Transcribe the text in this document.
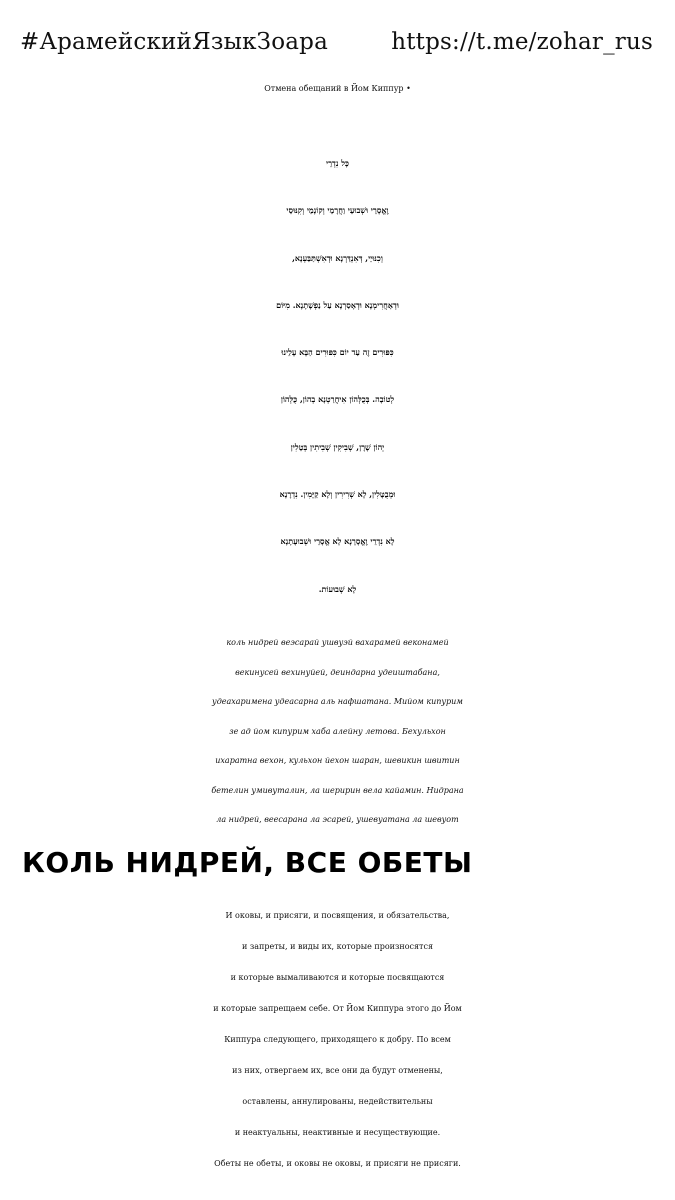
#АрамейскийЯзыкЗоара	https://t.me/zohar_rus
Отмена обещаний в Йом Киппур •
כָּל נִדְרֵי
וֶאֱסָרֵי וּשְׁבוּעֵי וַחֲרָמֵי וְקוֹנָמֵי וְקִנּוּסֵי
וְכִנּוּיֵי, דְּאִנְדַּרְנָא וּדְאִשְׁתַּבַּעְנָא,
וּדְאַחֲרִימְנָא וּדְאָסַרְנָא עַל נַפְשָׁתָנָא. מִיּוֹם
כִּפּוּרִים זֶה עַד יוֹם כִּפּוּרִים הַבָּא עָלֵינוּ
לְטוֹבָה. בְּכֻלְּהוֹן אִיחֲרַטְנָא בְהוֹן, כֻּלְּהוֹן
יְהוֹן שָׁרָן, שְׁבִיקִין שְׁבִיתִין בְּטֵלִין
וּמְבֻטָּלִין, לָא שְׁרִירִין וְלָא קַיָּמִין. נִדְרָנָא
לָא נִדְרֵי וֶאֱסָרָנָא לָא אֱסָרֵי וּשְׁבוּעָתָנָא
לָא שְׁבוּעוֹת.
коль нидрей веэсарай ушвуэй вахарамей веконамей
векинусей вехинуйей, деиндарна удеиштабана,
удеахаримена удеасарна аль нафшатана. Мийом кипурим
зе ад йом кипурим хаба алейну летова. Бехульхон
ихаратна вехон, кульхон йехон шаран, шевикин швитин
бетелин умивуталин, ла шеририн вела кайамин. Нидрана
ла нидрей, веесарана ла эсарей, ушевуатана ла шевуот
КОЛЬ НИДРЕЙ, ВСЕ ОБЕТЫ
И оковы, и присяги, и посвящения, и обязательства,
и запреты, и виды их, которые произносятся
и которые вымаливаются и которые посвящаются
и которые запрещаем себе. От Йом Киппура этого до Йом
Киппура следующего, приходящего к добру. По всем
из них, отвергаем их, все они да будут отменены,
оставлены, аннулированы, недействительны
и неактуальны, неактивные и несуществующие.
Обеты не обеты, и оковы не оковы, и присяги не присяги.
